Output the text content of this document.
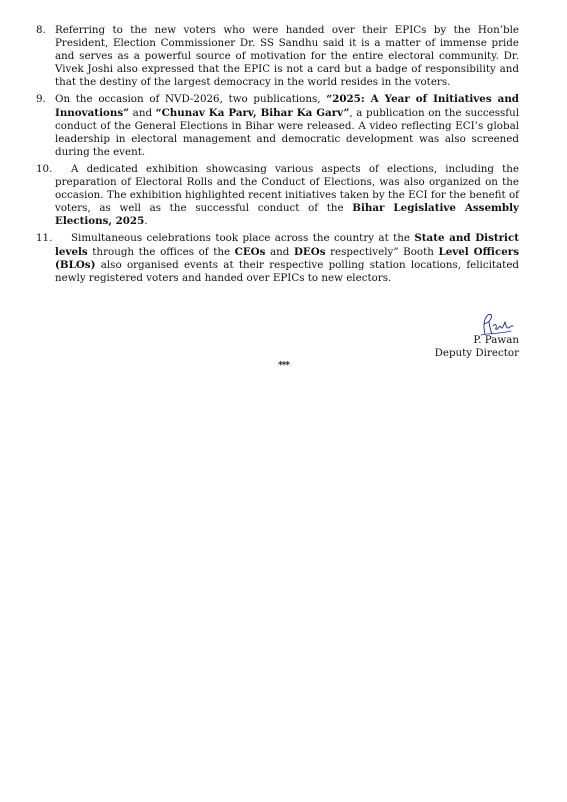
8. Referring to the new voters who were handed over their EPICs by the Hon’ble President, Election Commissioner Dr. SS Sandhu said it is a matter of immense pride and serves as a powerful source of motivation for the entire electoral community. Dr. Vivek Joshi also expressed that the EPIC is not a card but a badge of responsibility and that the destiny of the largest democracy in the world resides in the voters.
9. On the occasion of NVD-2026, two publications, “2025: A Year of Initiatives and Innovations” and “Chunav Ka Parv, Bihar Ka Garv”, a publication on the successful conduct of the General Elections in Bihar were released. A video reflecting ECI’s global leadership in electoral management and democratic development was also screened during the event.
10.	A dedicated exhibition showcasing various aspects of elections, including the preparation of Electoral Rolls and the Conduct of Elections, was also organized on the occasion. The exhibition highlighted recent initiatives taken by the ECI for the benefit of voters, as well as the successful conduct of the Bihar Legislative Assembly Elections, 2025.
11.	Simultaneous celebrations took place across the country at the State and District levels through the offices of the CEOs and DEOs respectively” Booth Level Officers (BLOs) also organised events at their respective polling station locations, felicitated newly registered voters and handed over EPICs to new electors.
P. Pawan
Deputy Director
***
